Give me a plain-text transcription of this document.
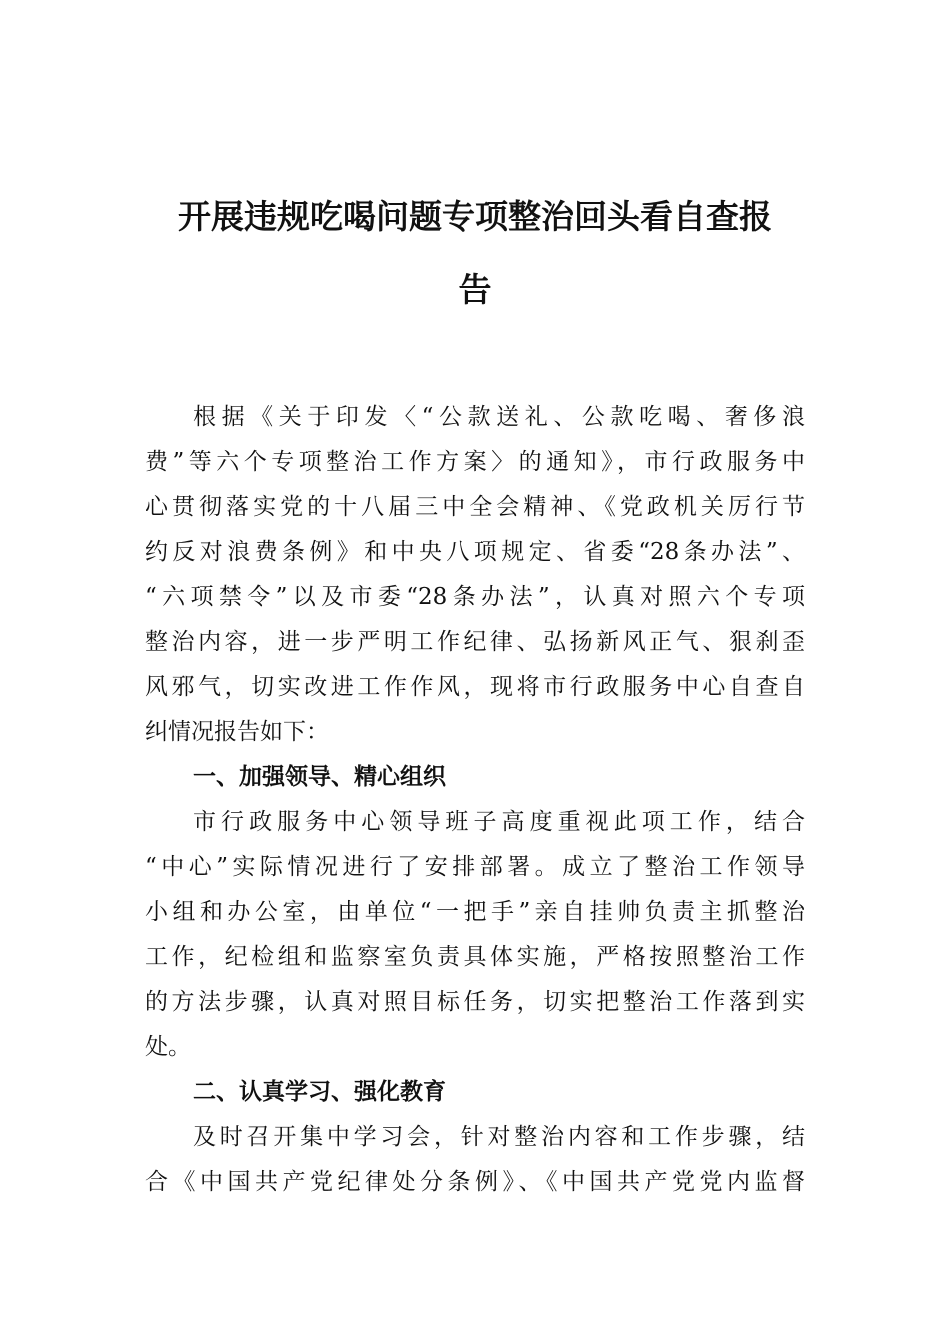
开展违规吃喝问题专项整治回头看自查报
告
根据《关于印发〈“公款送礼、公款吃喝、奢侈浪
费”等六个专项整治工作方案〉的通知》，市行政服务中
心贯彻落实党的十八届三中全会精神、《党政机关厉行节
约反对浪费条例》和中央八项规定、省委“28条办法”、
“六项禁令”以及市委“28条办法”，认真对照六个专项
整治内容，进一步严明工作纪律、弘扬新风正气、狠刹歪
风邪气，切实改进工作作风，现将市行政服务中心自查自
纠情况报告如下：
一、加强领导、精心组织
市行政服务中心领导班子高度重视此项工作，结合
“中心”实际情况进行了安排部署。成立了整治工作领导
小组和办公室，由单位“一把手”亲自挂帅负责主抓整治
工作，纪检组和监察室负责具体实施，严格按照整治工作
的方法步骤，认真对照目标任务，切实把整治工作落到实
处。
二、认真学习、强化教育
及时召开集中学习会，针对整治内容和工作步骤，结
合《中国共产党纪律处分条例》、《中国共产党党内监督
